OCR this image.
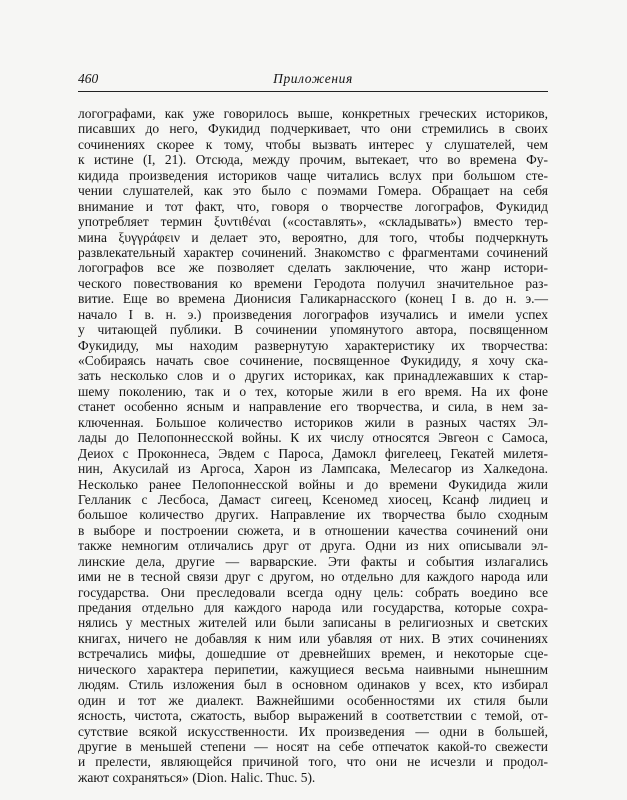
460	Приложения
логографами, как уже говорилось выше, конкретных греческих историков,
писавших до него, Фукидид подчеркивает, что они стремились в своих
сочинениях скорее к тому, чтобы вызвать интерес у слушателей, чем
к истине (I, 21). Отсюда, между прочим, вытекает, что во времена Фу-
кидида произведения историков чаще читались вслух при большом сте-
чении слушателей, как это было с поэмами Гомера. Обращает на себя
внимание и тот факт, что, говоря о творчестве логографов, Фукидид
употребляет термин ξυντιθέναι («составлять», «складывать») вместо тер-
мина ξυγγράφειν и делает это, вероятно, для того, чтобы подчеркнуть
развлекательный характер сочинений. Знакомство с фрагментами сочинений
логографов все же позволяет сделать заключение, что жанр истори-
ческого повествования ко времени Геродота получил значительное раз-
витие. Еще во времена Дионисия Галикарнасского (конец I в. до н. э.—
начало I в. н. э.) произведения логографов изучались и имели успех
у читающей публики. В сочинении упомянутого автора, посвященном
Фукидиду, мы находим развернутую характеристику их творчества:
«Собираясь начать свое сочинение, посвященное Фукидиду, я хочу ска-
зать несколько слов и о других историках, как принадлежавших к стар-
шему поколению, так и о тех, которые жили в его время. На их фоне
станет особенно ясным и направление его творчества, и сила, в нем за-
ключенная. Большое количество историков жили в разных частях Эл-
лады до Пелопоннесской войны. К их числу относятся Эвгеон с Самоса,
Деиох с Проконнеса, Эвдем с Пароса, Дамокл фигелеец, Гекатей милетя-
нин, Акусилай из Аргоса, Харон из Лампсака, Мелесагор из Халкедона.
Несколько ранее Пелопоннесской войны и до времени Фукидида жили
Гелланик с Лесбоса, Дамаст сигеец, Ксеномед хиосец, Ксанф лидиец и
большое количество других. Направление их творчества было сходным
в выборе и построении сюжета, и в отношении качества сочинений они
также немногим отличались друг от друга. Одни из них описывали эл-
линские дела, другие — варварские. Эти факты и события излагались
ими не в тесной связи друг с другом, но отдельно для каждого народа или
государства. Они преследовали всегда одну цель: собрать воедино все
предания отдельно для каждого народа или государства, которые сохра-
нялись у местных жителей или были записаны в религиозных и светских
книгах, ничего не добавляя к ним или убавляя от них. В этих сочинениях
встречались мифы, дошедшие от древнейших времен, и некоторые сце-
нического характера перипетии, кажущиеся весьма наивными нынешним
людям. Стиль изложения был в основном одинаков у всех, кто избирал
один и тот же диалект. Важнейшими особенностями их стиля были
ясность, чистота, сжатость, выбор выражений в соответствии с темой, от-
сутствие всякой искусственности. Их произведения — одни в большей,
другие в меньшей степени — носят на себе отпечаток какой-то свежести
и прелести, являющейся причиной того, что они не исчезли и продол-
жают сохраняться» (Dion. Halic. Thuc. 5).
